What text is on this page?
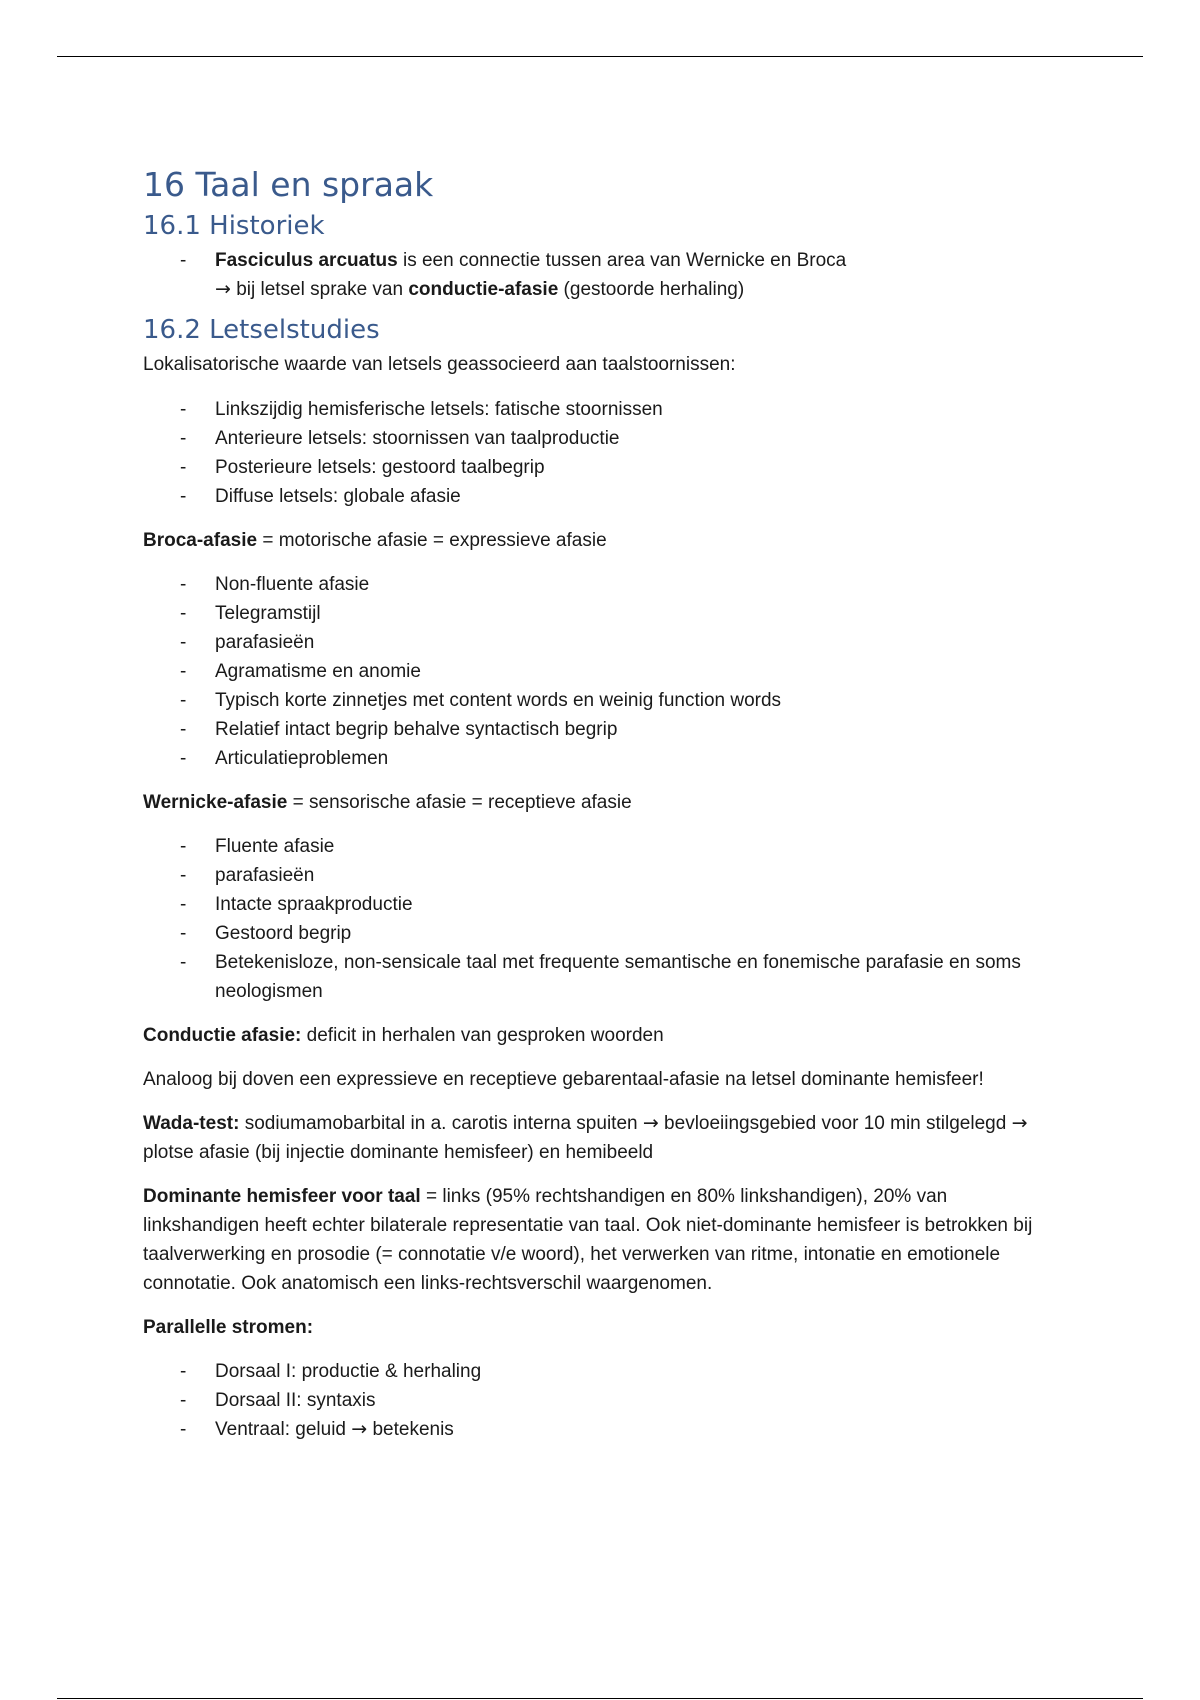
16 Taal en spraak
16.1 Historiek
- Fasciculus arcuatus is een connectie tussen area van Wernicke en Broca
→ bij letsel sprake van conductie-afasie (gestoorde herhaling)
16.2 Letselstudies

Lokalisatorische waarde van letsels geassocieerd aan taalstoornissen:

- Linkszijdig hemisferische letsels: fatische stoornissen
- Anterieure letsels: stoornissen van taalproductie
- Posterieure letsels: gestoord taalbegrip
- Diffuse letsels: globale afasie

Broca-afasie = motorische afasie = expressieve afasie

- Non-fluente afasie
- Telegramstijl
- parafasieën
- Agramatisme en anomie
- Typisch korte zinnetjes met content words en weinig function words
- Relatief intact begrip behalve syntactisch begrip
- Articulatieproblemen

Wernicke-afasie = sensorische afasie = receptieve afasie

- Fluente afasie
- parafasieën
- Intacte spraakproductie
- Gestoord begrip
- Betekenisloze, non-sensicale taal met frequente semantische en fonemische parafasie en soms neologismen

Conductie afasie: deficit in herhalen van gesproken woorden

Analoog bij doven een expressieve en receptieve gebarentaal-afasie na letsel dominante hemisfeer!

Wada-test: sodiumamobarbital in a. carotis interna spuiten → bevloeiingsgebied voor 10 min stilgelegd → plotse afasie (bij injectie dominante hemisfeer) en hemibeeld

Dominante hemisfeer voor taal = links (95% rechtshandigen en 80% linkshandigen), 20% van linkshandigen heeft echter bilaterale representatie van taal. Ook niet-dominante hemisfeer is betrokken bij taalverwerking en prosodie (= connotatie v/e woord), het verwerken van ritme, intonatie en emotionele connotatie. Ook anatomisch een links-rechtsverschil waargenomen.

Parallelle stromen:

- Dorsaal I: productie & herhaling
- Dorsaal II: syntaxis
- Ventraal: geluid → betekenis
